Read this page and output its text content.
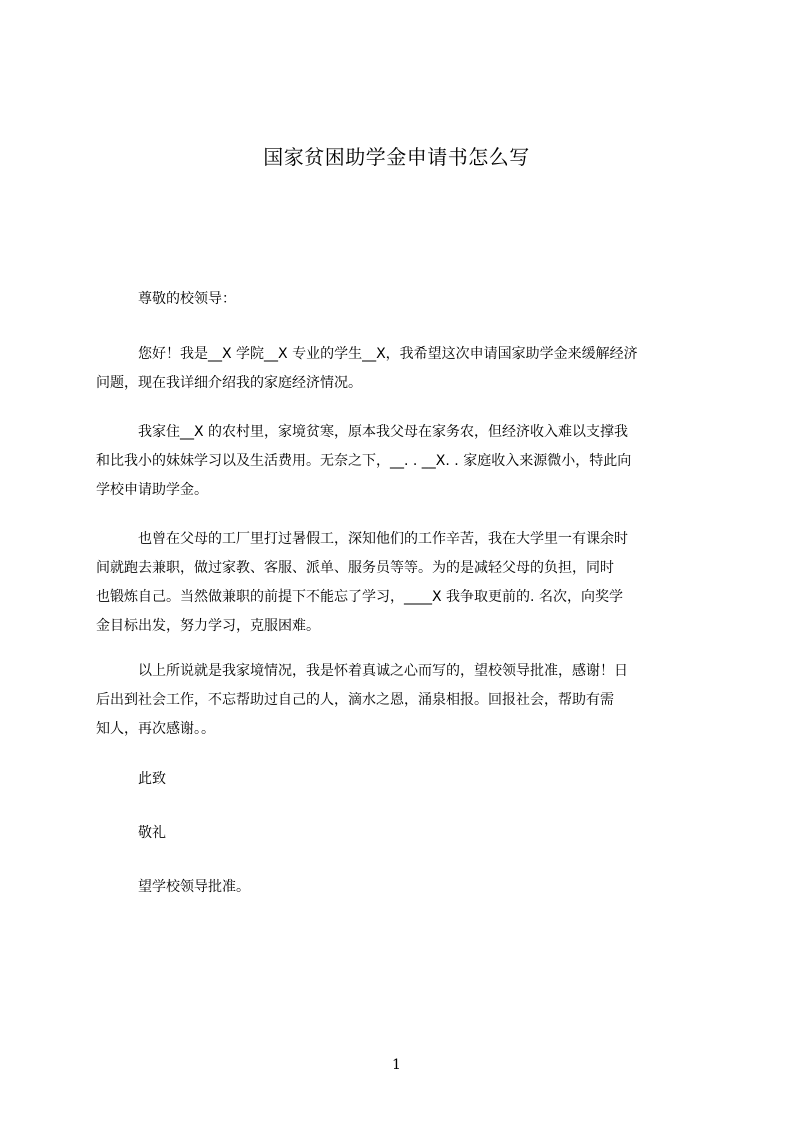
国家贫困助学金申请书怎么写
尊敬的校领导：
您好！我是__X 学院__X 专业的学生__X，我希望这次申请国家助学金来缓解经济
问题，现在我详细介绍我的家庭经济情况。
我家住__X 的农村里，家境贫寒，原本我父母在家务农，但经济收入难以支撑我
和比我小的妹妹学习以及生活费用。无奈之下，__. . __X. . 家庭收入来源微小，特此向
学校申请助学金。
也曾在父母的工厂里打过暑假工，深知他们的工作辛苦，我在大学里一有课余时
间就跑去兼职，做过家教、客服、派单、服务员等等。为的是减轻父母的负担，同时
也锻炼自己。当然做兼职的前提下不能忘了学习，____X 我争取更前的. 名次，向奖学
金目标出发，努力学习，克服困难。
以上所说就是我家境情况，我是怀着真诚之心而写的，望校领导批准，感谢！日
后出到社会工作，不忘帮助过自己的人，滴水之恩，涌泉相报。回报社会，帮助有需
知人，再次感谢。。
此致
敬礼
望学校领导批准。
1
